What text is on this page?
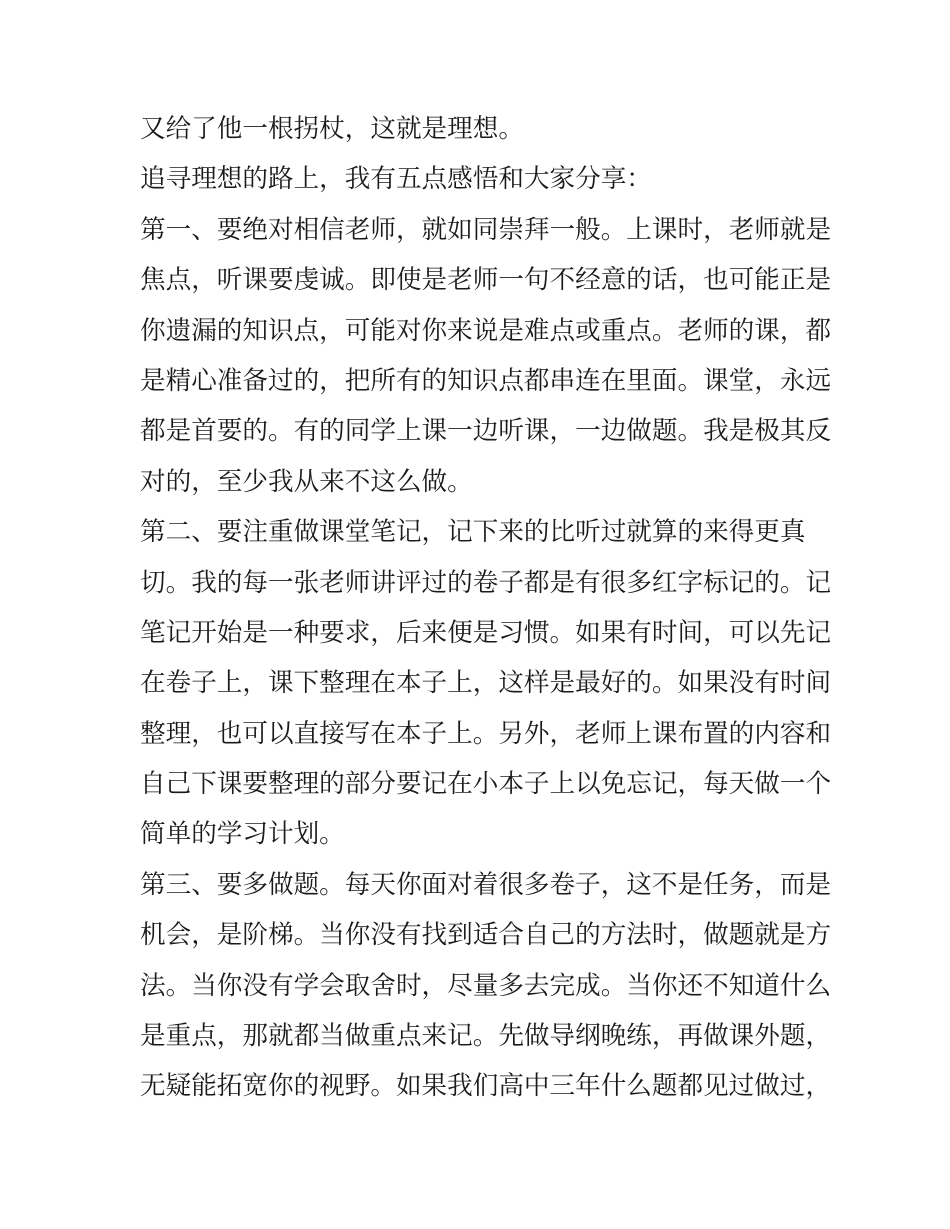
又给了他一根拐杖，这就是理想。
追寻理想的路上，我有五点感悟和大家分享：
第一、要绝对相信老师，就如同崇拜一般。上课时，老师就是
焦点，听课要虔诚。即使是老师一句不经意的话，也可能正是
你遗漏的知识点，可能对你来说是难点或重点。老师的课，都
是精心准备过的，把所有的知识点都串连在里面。课堂，永远
都是首要的。有的同学上课一边听课，一边做题。我是极其反
对的，至少我从来不这么做。
第二、要注重做课堂笔记，记下来的比听过就算的来得更真
切。我的每一张老师讲评过的卷子都是有很多红字标记的。记
笔记开始是一种要求，后来便是习惯。如果有时间，可以先记
在卷子上，课下整理在本子上，这样是最好的。如果没有时间
整理，也可以直接写在本子上。另外，老师上课布置的内容和
自己下课要整理的部分要记在小本子上以免忘记，每天做一个
简单的学习计划。
第三、要多做题。每天你面对着很多卷子，这不是任务，而是
机会，是阶梯。当你没有找到适合自己的方法时，做题就是方
法。当你没有学会取舍时，尽量多去完成。当你还不知道什么
是重点，那就都当做重点来记。先做导纲晚练，再做课外题，
无疑能拓宽你的视野。如果我们高中三年什么题都见过做过，
